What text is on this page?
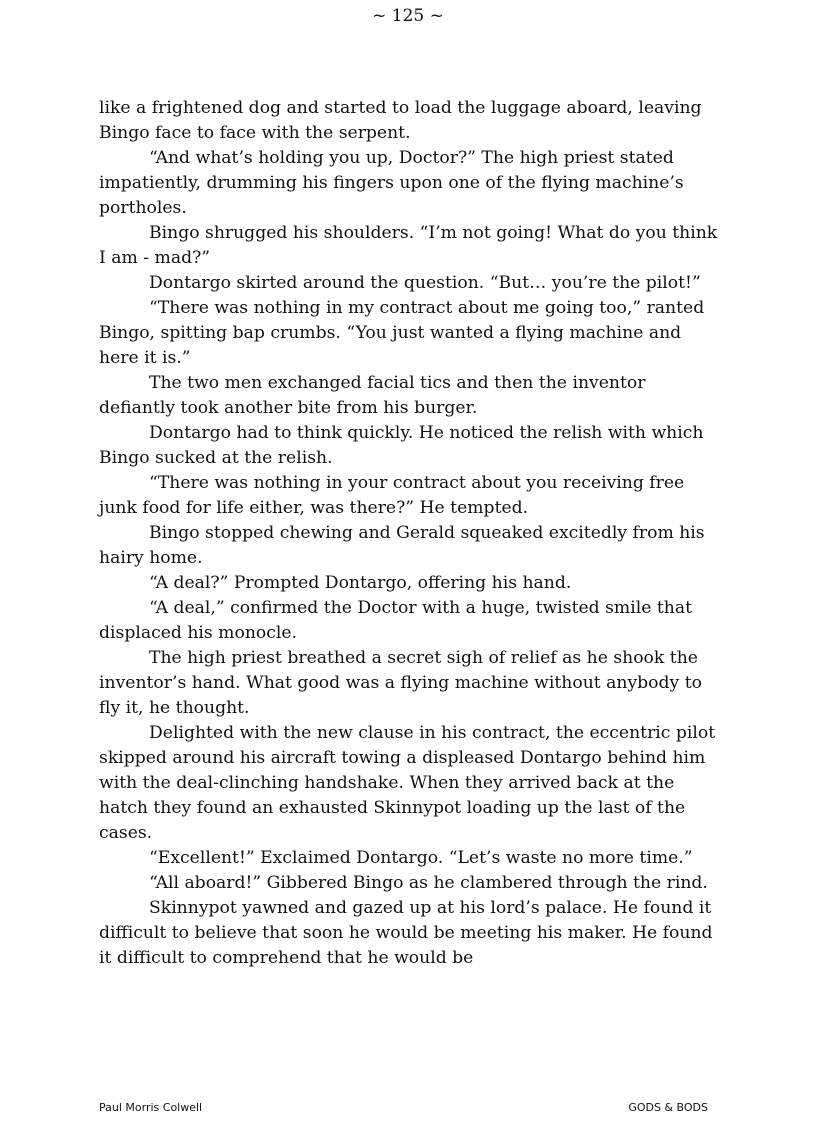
~ 125 ~

like a frightened dog and started to load the luggage aboard, leaving Bingo face to face with the serpent.

“And what’s holding you up, Doctor?” The high priest stated impatiently, drumming his fingers upon one of the flying machine’s portholes.

Bingo shrugged his shoulders. “I’m not going! What do you think I am - mad?”

Dontargo skirted around the question. “But… you’re the pilot!”

“There was nothing in my contract about me going too,” ranted Bingo, spitting bap crumbs. “You just wanted a flying machine and here it is.”

The two men exchanged facial tics and then the inventor defiantly took another bite from his burger.

Dontargo had to think quickly. He noticed the relish with which Bingo sucked at the relish.

“There was nothing in your contract about you receiving free junk food for life either, was there?” He tempted.

Bingo stopped chewing and Gerald squeaked excitedly from his hairy home.

“A deal?” Prompted Dontargo, offering his hand.

“A deal,” confirmed the Doctor with a huge, twisted smile that displaced his monocle.

The high priest breathed a secret sigh of relief as he shook the inventor’s hand. What good was a flying machine without anybody to fly it, he thought.

Delighted with the new clause in his contract, the eccentric pilot skipped around his aircraft towing a displeased Dontargo behind him with the deal-clinching handshake. When they arrived back at the hatch they found an exhausted Skinnypot loading up the last of the cases.

“Excellent!” Exclaimed Dontargo. “Let’s waste no more time.”

“All aboard!” Gibbered Bingo as he clambered through the rind.

Skinnypot yawned and gazed up at his lord’s palace. He found it difficult to believe that soon he would be meeting his maker. He found it difficult to comprehend that he would be

Paul Morris Colwell	GODS & BODS
